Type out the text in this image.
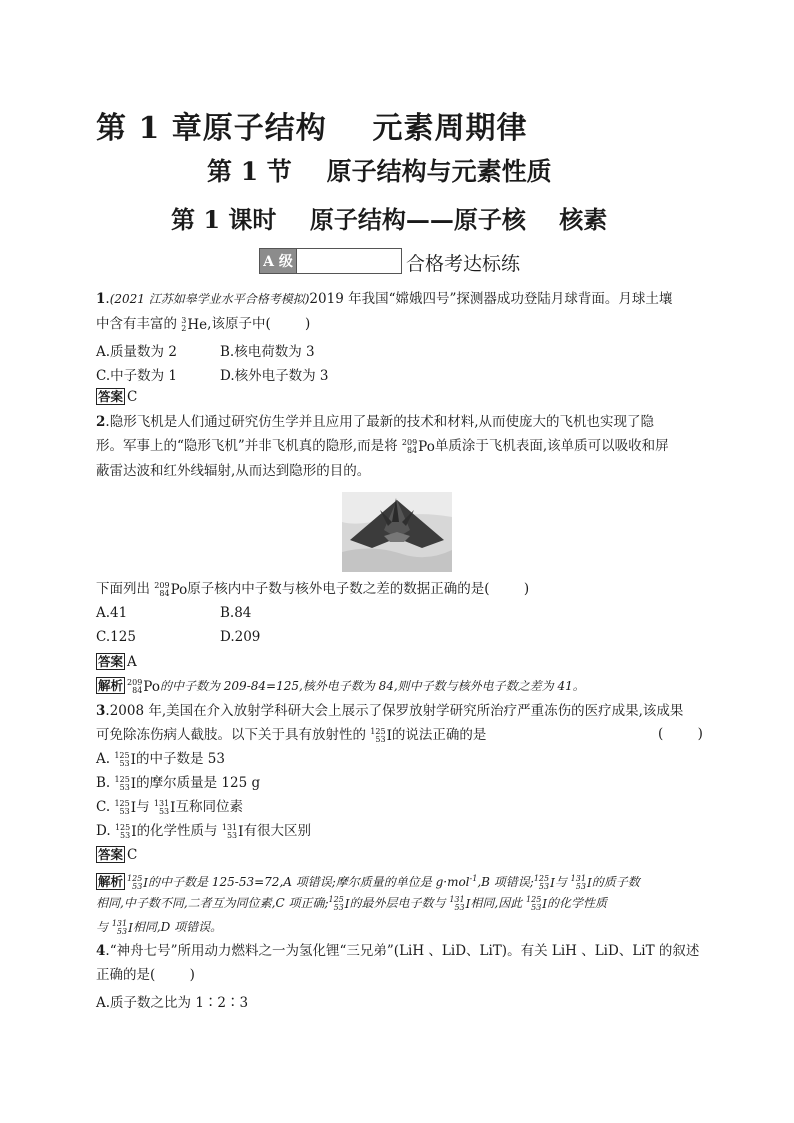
第 1 章原子结构    元素周期律
第 1 节    原子结构与元素性质
第 1 课时    原子结构——原子核    核素
A 级	合格考达标练
1.(2021 江苏如皋学业水平合格考模拟)2019 年我国“嫦娥四号”探测器成功登陆月球背面。月球土壤
中含有丰富的 3
2 He ,该原子中(        )
A.质量数为 2	B.核电荷数为 3
C.中子数为 1	D.核外电子数为 3
答案 C
2.隐形飞机是人们通过研究仿生学并且应用了最新的技术和材料,从而使庞大的飞机也实现了隐
形。军事上的“隐形飞机”并非飞机真的隐形,而是将 209
84 Po 单质涂于飞机表面,该单质可以吸收和屏
蔽雷达波和红外线辐射,从而达到隐形的目的。
下面列出 209
84 Po 原子核内中子数与核外电子数之差的数据正确的是(        )
A.41	B.84
C.125	D.209
答案 A
解析 209
84 Po 的中子数为 209-84=125,核外电子数为 84,则中子数与核外电子数之差为 41。
3.2008 年,美国在介入放射学科研大会上展示了保罗放射学研究所治疗严重冻伤的医疗成果,该成果
可免除冻伤病人截肢。以下关于具有放射性的 125
53 I 的说法正确的是	(        )
A. 125
53 I 的中子数是 53
B. 125
53 I 的摩尔质量是 125 g
C. 125
53 I 与 131
53 I 互称同位素
D. 125
53 I 的化学性质与 131
53 I 有很大区别
答案 C
解析 125
53 I 的中子数是 125-53=72,A 项错误;摩尔质量的单位是 g·mol$^{-1}$,B 项错误; 125
53 I 与 131
53 I 的质子数
相同,中子数不同,二者互为同位素,C 项正确; 125
53 I 的最外层电子数与 131
53 I 相同,因此 125
53 I 的化学性质
与 131
53 I 相同,D 项错误。
4.“神舟七号”所用动力燃料之一为氢化锂“三兄弟”(LiH 、LiD、LiT)。有关 LiH 、LiD、LiT 的叙述
正确的是(        )
A.质子数之比为 1∶2∶3
